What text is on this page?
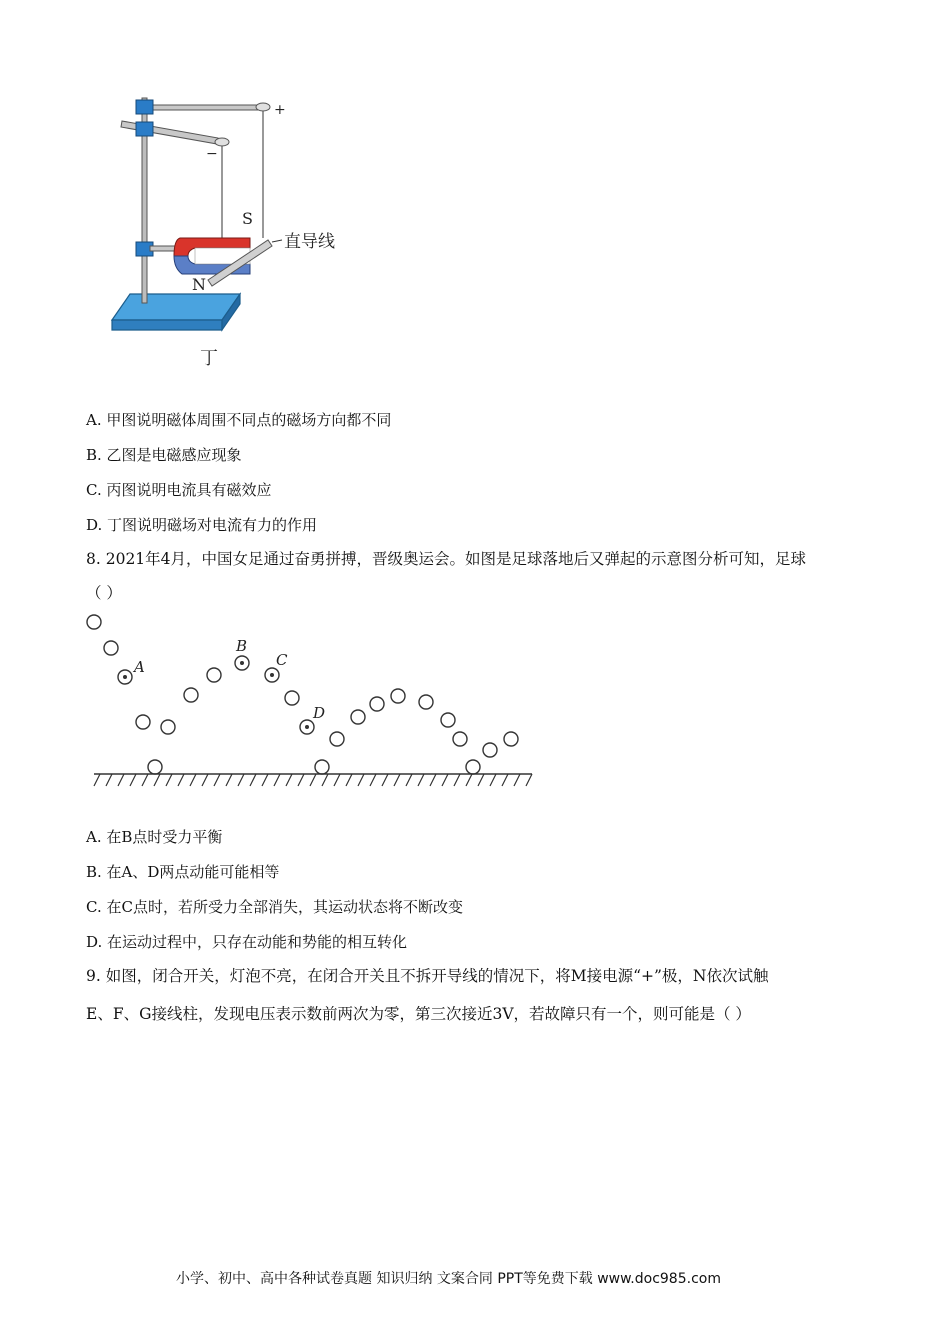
+
−
S
N
直导线
丁
A. 甲图说明磁体周围不同点的磁场方向都不同
B. 乙图是电磁感应现象
C. 丙图说明电流具有磁效应
D. 丁图说明磁场对电流有力的作用
8. 2021年4月，中国女足通过奋勇拼搏，晋级奥运会。如图是足球落地后又弹起的示意图分析可知，足球
（ ）
A
B
C
D
A. 在B点时受力平衡
B. 在A、D两点动能可能相等
C. 在C点时，若所受力全部消失，其运动状态将不断改变
D. 在运动过程中，只存在动能和势能的相互转化
9. 如图，闭合开关，灯泡不亮，在闭合开关且不拆开导线的情况下，将M接电源“+”极，N依次试触
E、F、G接线柱，发现电压表示数前两次为零，第三次接近3V，若故障只有一个，则可能是（ ）
小学、初中、高中各种试卷真题 知识归纳 文案合同 PPT等免费下载 www.doc985.com
